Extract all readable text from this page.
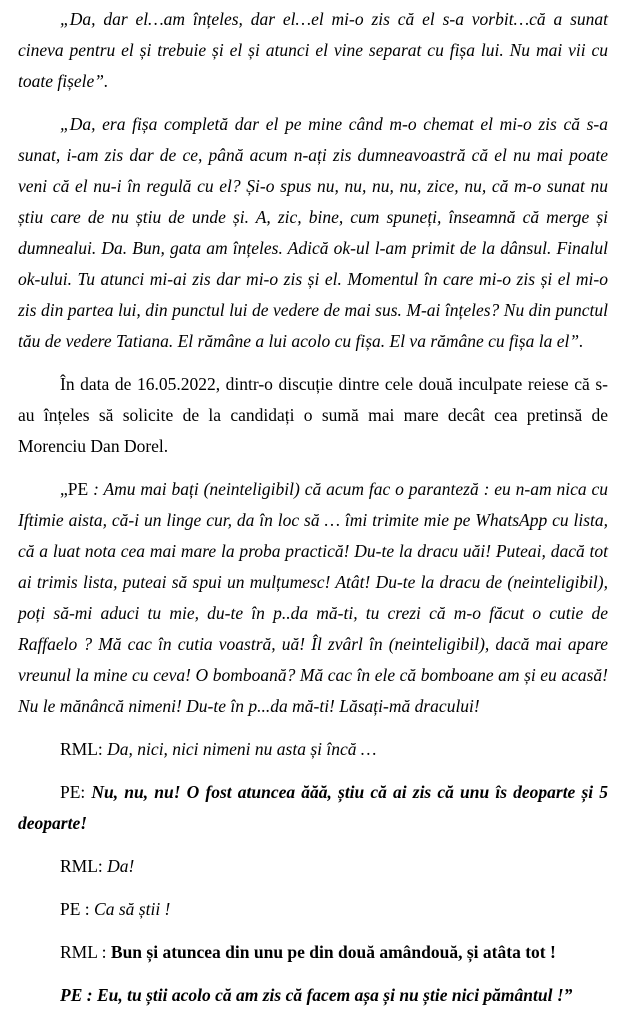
„Da, dar el…am înțeles, dar el…el mi-o zis că el s-a vorbit…că a sunat cineva pentru el și trebuie și el și atunci el vine separat cu fișa lui. Nu mai vii cu toate fișele”.

„Da, era fișa completă dar el pe mine când m-o chemat el mi-o zis că s-a sunat, i-am zis dar de ce, până acum n-ați zis dumneavoastră că el nu mai poate veni că el nu-i în regulă cu el? Și-o spus nu, nu, nu, nu, zice, nu, că m-o sunat nu știu care de nu știu de unde și. A, zic, bine, cum spuneți, înseamnă că merge și dumnealui. Da. Bun, gata am înțeles. Adică ok-ul l-am primit de la dânsul. Finalul ok-ului. Tu atunci mi-ai zis dar mi-o zis și el. Momentul în care mi-o zis și el mi-o zis din partea lui, din punctul lui de vedere de mai sus. M-ai înțeles? Nu din punctul tău de vedere Tatiana. El rămâne a lui acolo cu fișa. El va rămâne cu fișa la el”.

În data de 16.05.2022, dintr-o discuție dintre cele două inculpate reiese că s-au înțeles să solicite de la candidați o sumă mai mare decât cea pretinsă de Morenciu Dan Dorel.

„PE : Amu mai bați (neinteligibil) că acum fac o paranteză : eu n-am nica cu Iftimie aista, că-i un linge cur, da în loc să … îmi trimite mie pe WhatsApp cu lista, că a luat nota cea mai mare la proba practică! Du-te la dracu uăi! Puteai, dacă tot ai trimis lista, puteai să spui un mulțumesc! Atât! Du-te la dracu de (neinteligibil), poți să-mi aduci tu mie, du-te în p..da mă-ti, tu crezi că m-o făcut o cutie de Raffaelo ? Mă cac în cutia voastră, uă! Îl zvârl în (neinteligibil), dacă mai apare vreunul la mine cu ceva! O bomboană? Mă cac în ele că bomboane am și eu acasă! Nu le mănâncă nimeni! Du-te în p...da mă-ti! Lăsați-mă dracului!

RML: Da, nici, nici nimeni nu asta și încă …

PE: Nu, nu, nu! O fost atuncea ăăă, știu că ai zis că unu îs deoparte și 5 deoparte!

RML: Da!

PE : Ca să știi !

RML : Bun și atuncea din unu pe din două amândouă, și atâta tot !

PE : Eu, tu știi acolo că am zis că facem așa și nu știe nici pământul !”
